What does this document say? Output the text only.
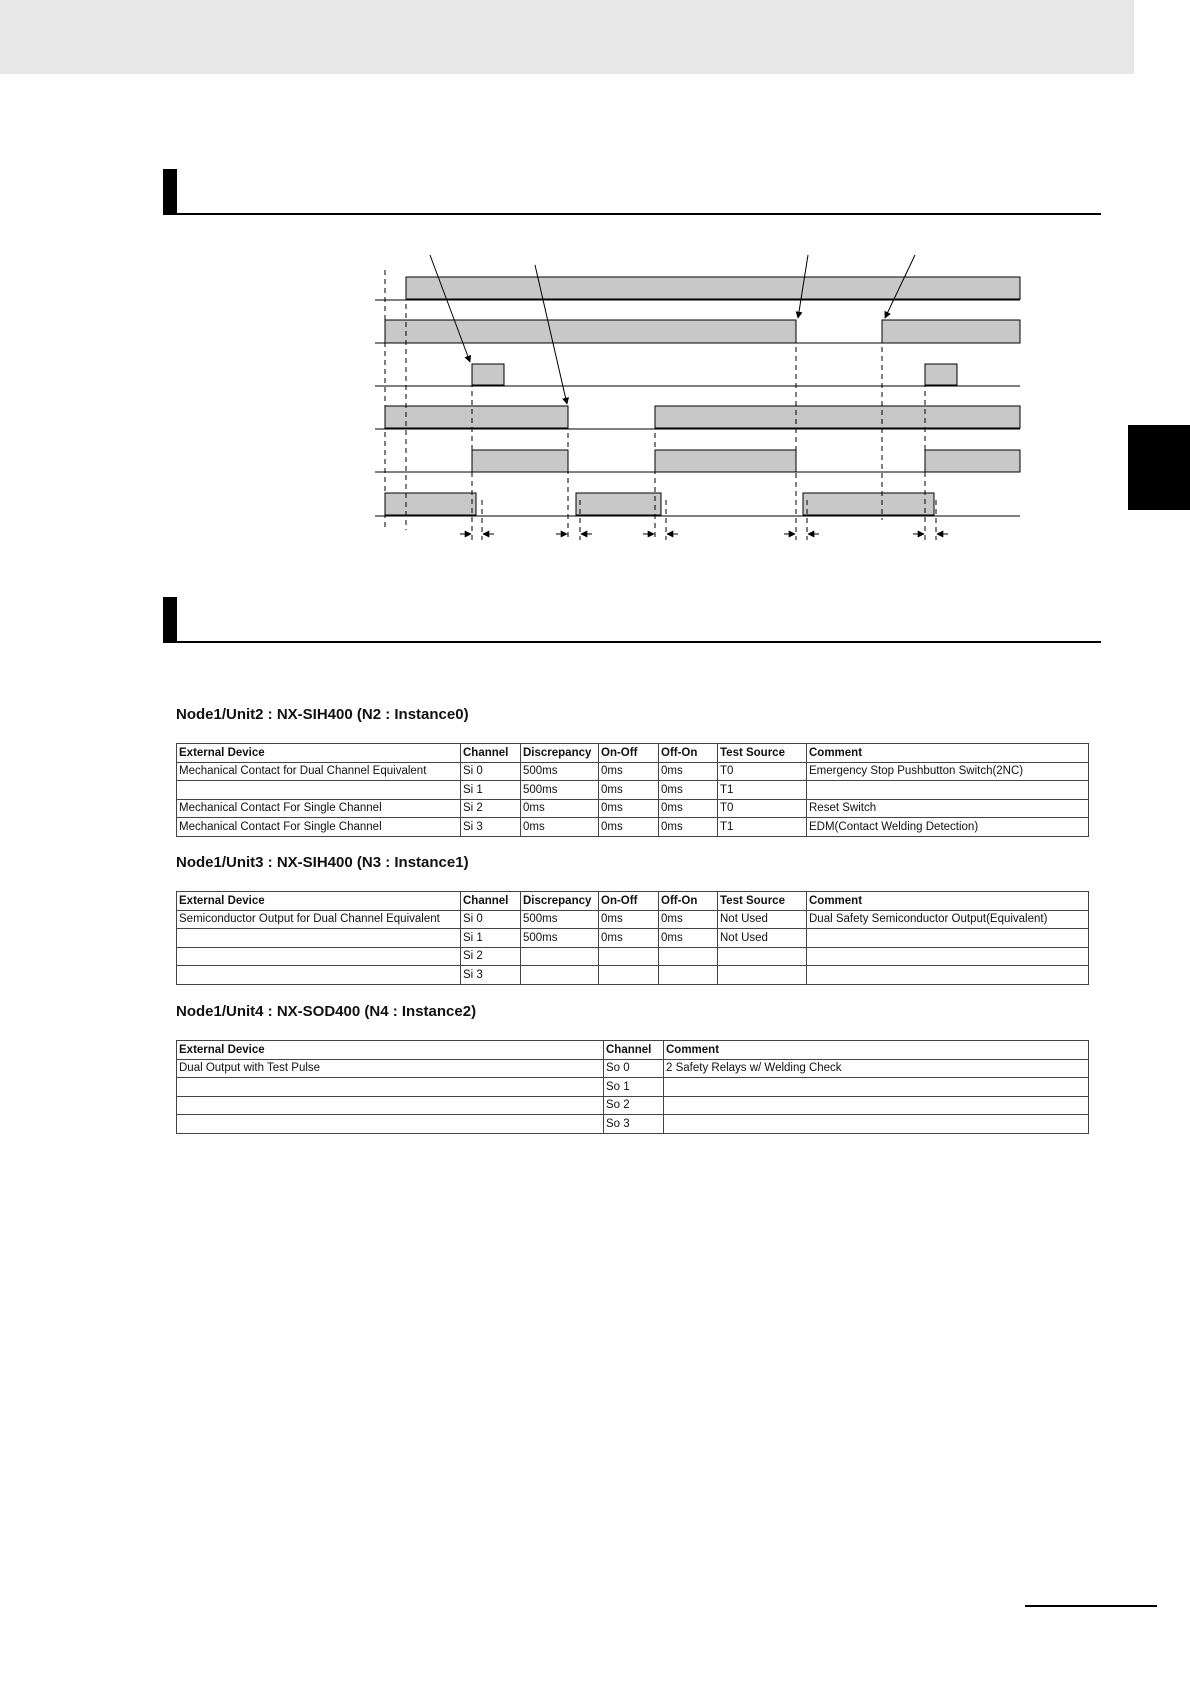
Node1/Unit2 : NX-SIH400 (N2 : Instance0)
External Device	Channel	Discrepancy	On-Off	Off-On	Test Source	Comment
Mechanical Contact for Dual Channel Equivalent	Si 0	500ms	0ms	0ms	T0	Emergency Stop Pushbutton Switch(2NC)
	Si 1	500ms	0ms	0ms	T1	
Mechanical Contact For Single Channel	Si 2	0ms	0ms	0ms	T0	Reset Switch
Mechanical Contact For Single Channel	Si 3	0ms	0ms	0ms	T1	EDM(Contact Welding Detection)
Node1/Unit3 : NX-SIH400 (N3 : Instance1)
External Device	Channel	Discrepancy	On-Off	Off-On	Test Source	Comment
Semiconductor Output for Dual Channel Equivalent	Si 0	500ms	0ms	0ms	Not Used	Dual Safety Semiconductor Output(Equivalent)
	Si 1	500ms	0ms	0ms	Not Used	
	Si 2					
	Si 3					
Node1/Unit4 : NX-SOD400 (N4 : Instance2)
External Device	Channel	Comment
Dual Output with Test Pulse	So 0	2 Safety Relays w/ Welding Check
	So 1	
	So 2	
	So 3	
